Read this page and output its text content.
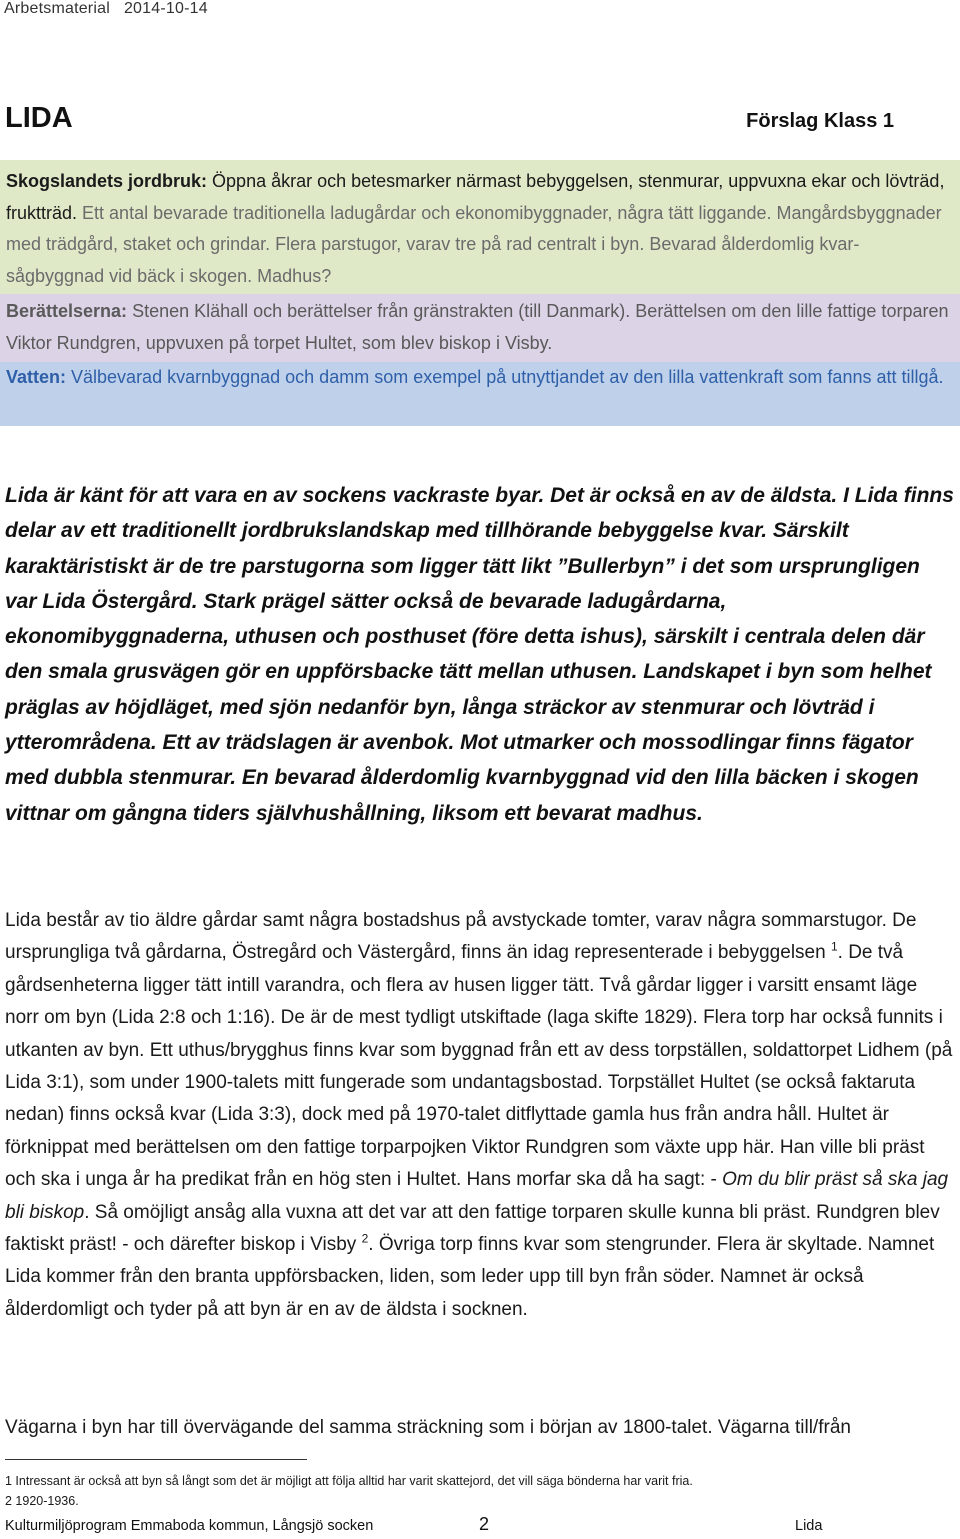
Arbetsmaterial 2014-10-14
LIDA	Förslag Klass 1
Skogslandets jordbruk: Öppna åkrar och betesmarker närmast bebyggelsen, stenmurar, uppvuxna ekar och lövträd, fruktträd. Ett antal bevarade traditionella ladugårdar och ekonomibyggnader, några tätt liggande. Mangårdsbyggnader med trädgård, staket och grindar. Flera parstugor, varav tre på rad centralt i byn. Bevarad ålderdomlig kvar-sågbyggnad vid bäck i skogen. Madhus?
Berättelserna: Stenen Klähall och berättelser från gränstrakten (till Danmark). Berättelsen om den lille fattige torparen Viktor Rundgren, uppvuxen på torpet Hultet, som blev biskop i Visby.
Vatten: Välbevarad kvarnbyggnad och damm som exempel på utnyttjandet av den lilla vattenkraft som fanns att tillgå.
Lida är känt för att vara en av sockens vackraste byar. Det är också en av de äldsta. I Lida finns delar av ett traditionellt jordbrukslandskap med tillhörande bebyggelse kvar. Särskilt karaktäristiskt är de tre parstugorna som ligger tätt likt ”Bullerbyn” i det som ursprungligen var Lida Östergård. Stark prägel sätter också de bevarade ladugårdarna, ekonomibyggnaderna, uthusen och posthuset (före detta ishus), särskilt i centrala delen där den smala grusvägen gör en uppförsbacke tätt mellan uthusen. Landskapet i byn som helhet präglas av höjdläget, med sjön nedanför byn, långa sträckor av stenmurar och lövträd i ytterområdena. Ett av trädslagen är avenbok. Mot utmarker och mossodlingar finns fägator med dubbla stenmurar. En bevarad ålderdomlig kvarnbyggnad vid den lilla bäcken i skogen vittnar om gångna tiders självhushållning, liksom ett bevarat madhus.
Lida består av tio äldre gårdar samt några bostadshus på avstyckade tomter, varav några sommarstugor. De ursprungliga två gårdarna, Östregård och Västergård, finns än idag representerade i bebyggelsen $^1$. De två gårdsenheterna ligger tätt intill varandra, och flera av husen ligger tätt. Två gårdar ligger i varsitt ensamt läge norr om byn (Lida 2:8 och 1:16). De är de mest tydligt utskiftade (laga skifte 1829). Flera torp har också funnits i utkanten av byn. Ett uthus/brygghus finns kvar som byggnad från ett av dess torpställen, soldattorpet Lidhem (på Lida 3:1), som under 1900-talets mitt fungerade som undantagsbostad. Torpstället Hultet (se också faktaruta nedan) finns också kvar (Lida 3:3), dock med på 1970-talet ditflyttade gamla hus från andra håll. Hultet är förknippat med berättelsen om den fattige torparpojken Viktor Rundgren som växte upp här. Han ville bli präst och ska i unga år ha predikat från en hög sten i Hultet. Hans morfar ska då ha sagt: - Om du blir präst så ska jag bli biskop. Så omöjligt ansåg alla vuxna att det var att den fattige torparen skulle kunna bli präst. Rundgren blev faktiskt präst! - och därefter biskop i Visby $^2$. Övriga torp finns kvar som stengrunder. Flera är skyltade. Namnet Lida kommer från den branta uppförsbacken, liden, som leder upp till byn från söder. Namnet är också ålderdomligt och tyder på att byn är en av de äldsta i socknen.
Vägarna i byn har till övervägande del samma sträckning som i början av 1800-talet. Vägarna till/från
1 Intressant är också att byn så långt som det är möjligt att följa alltid har varit skattejord, det vill säga bönderna har varit fria.
2 1920-1936.
Kulturmiljöprogram Emmaboda kommun, Långsjö socken	2	Lida
